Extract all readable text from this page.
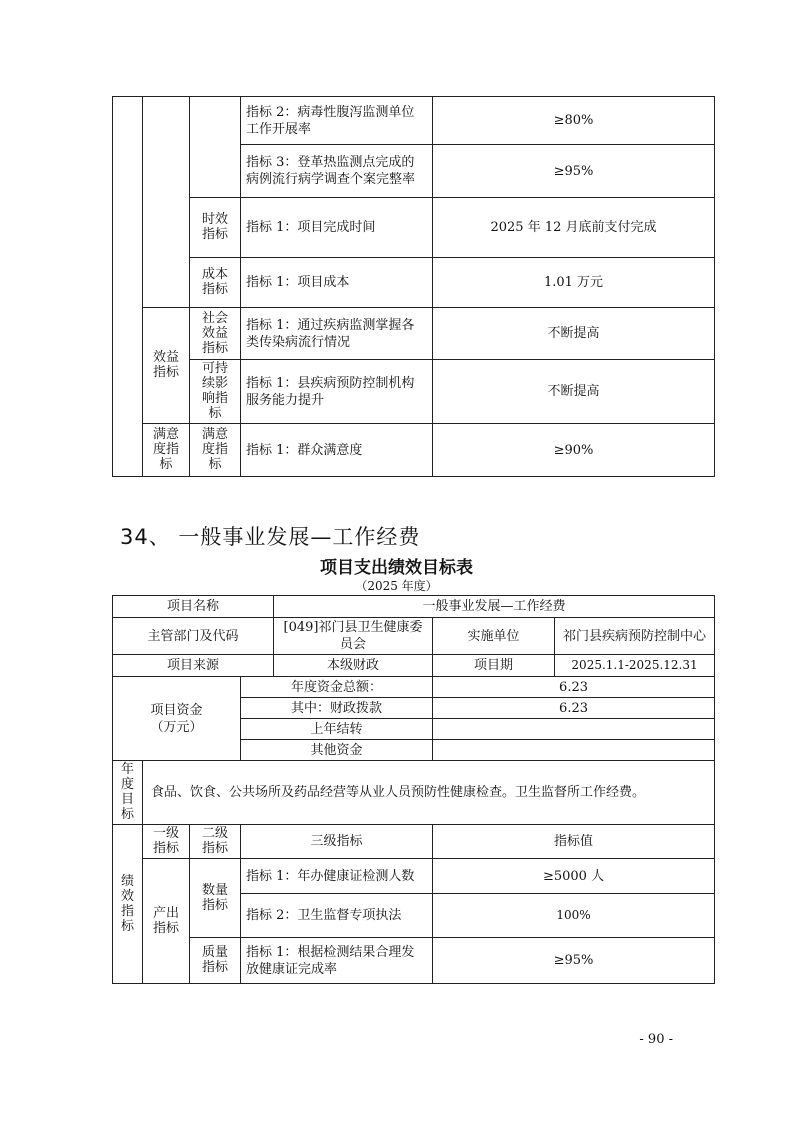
			指标 2：病毒性腹泻监测单位工作开展率	≥80%
			指标 3：登革热监测点完成的病例流行病学调查个案完整率	≥95%
		时效指标	指标 1：项目完成时间	2025 年 12 月底前支付完成
		成本指标	指标 1：项目成本	1.01 万元
	效益指标	社会效益指标	指标 1：通过疾病监测掌握各类传染病流行情况	不断提高
		可持续影响指标	指标 1：县疾病预防控制机构服务能力提升	不断提高
	满意度指标	满意度指标	指标 1：群众满意度	≥90%
34、 一般事业发展—工作经费
项目支出绩效目标表
（2025 年度）
项目名称				一般事业发展—工作经费		
主管部门及代码				[049]祁门县卫生健康委员会	实施单位	祁门县疾病预防控制中心
项目来源				本级财政	项目期	2025.1.1-2025.12.31
项目资金（万元）			年度资金总额：		6.23	
			其中：财政拨款		6.23	
			上年结转			
			其他资金			
年度目标	食品、饮食、公共场所及药品经营等从业人员预防性健康检查。卫生监督所工作经费。					
绩效指标	一级指标	二级指标	三级指标		指标值	
	产出指标	数量指标	指标 1：年办健康证检测人数		≥5000 人	
			指标 2：卫生监督专项执法		100%	
		质量指标	指标 1：根据检测结果合理发放健康证完成率		≥95%	
- 90 -
